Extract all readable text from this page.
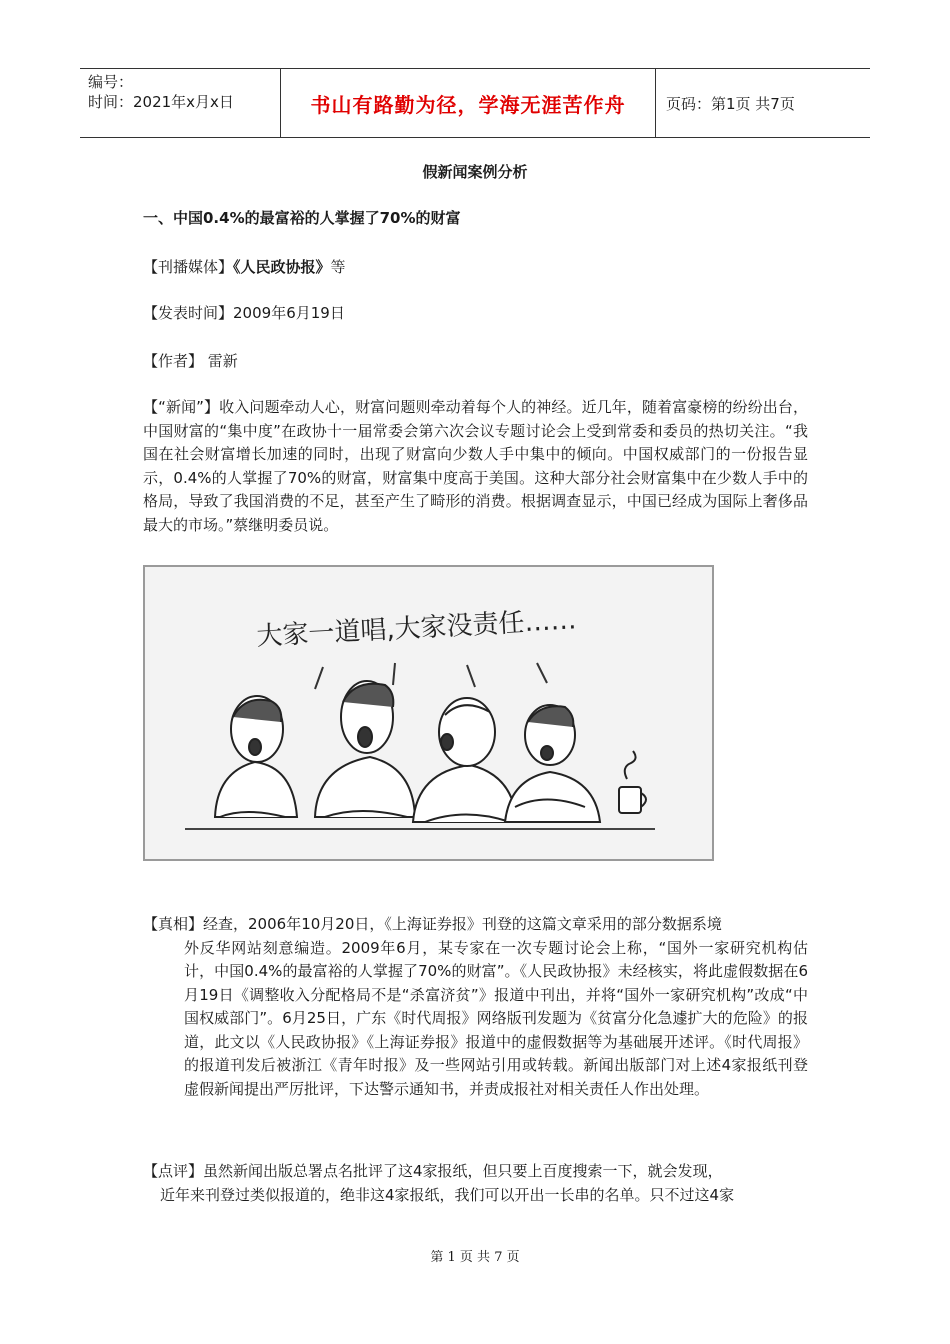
编号：
时间：2021年x月x日	书山有路勤为径，学海无涯苦作舟	页码：第1页 共7页
假新闻案例分析
一、中国0.4%的最富裕的人掌握了70%的财富
【刊播媒体】《人民政协报》等
【发表时间】2009年6月19日
【作者】 雷新
【“新闻”】收入问题牵动人心，财富问题则牵动着每个人的神经。近几年，随着富豪榜的纷纷出台，中国财富的“集中度”在政协十一届常委会第六次会议专题讨论会上受到常委和委员的热切关注。“我国在社会财富增长加速的同时，出现了财富向少数人手中集中的倾向。中国权威部门的一份报告显示，0.4%的人掌握了70%的财富，财富集中度高于美国。这种大部分社会财富集中在少数人手中的格局，导致了我国消费的不足，甚至产生了畸形的消费。根据调查显示，中国已经成为国际上奢侈品最大的市场。”蔡继明委员说。
大家一道唱,大家没责任……
【真相】经查，2006年10月20日，《上海证券报》刊登的这篇文章采用的部分数据系境
外反华网站刻意编造。2009年6月，某专家在一次专题讨论会上称，“国外一家研究机构估计，中国0.4%的最富裕的人掌握了70%的财富”。《人民政协报》未经核实，将此虚假数据在6月19日《调整收入分配格局不是“杀富济贫”》报道中刊出，并将“国外一家研究机构”改成“中国权威部门”。6月25日，广东《时代周报》网络版刊发题为《贫富分化急遽扩大的危险》的报道，此文以《人民政协报》《上海证券报》报道中的虚假数据等为基础展开述评。《时代周报》的报道刊发后被浙江《青年时报》及一些网站引用或转载。新闻出版部门对上述4家报纸刊登虚假新闻提出严厉批评，下达警示通知书，并责成报社对相关责任人作出处理。
【点评】虽然新闻出版总署点名批评了这4家报纸，但只要上百度搜索一下，就会发现，
近年来刊登过类似报道的，绝非这4家报纸，我们可以开出一长串的名单。只不过这4家
第 1 页 共 7 页
